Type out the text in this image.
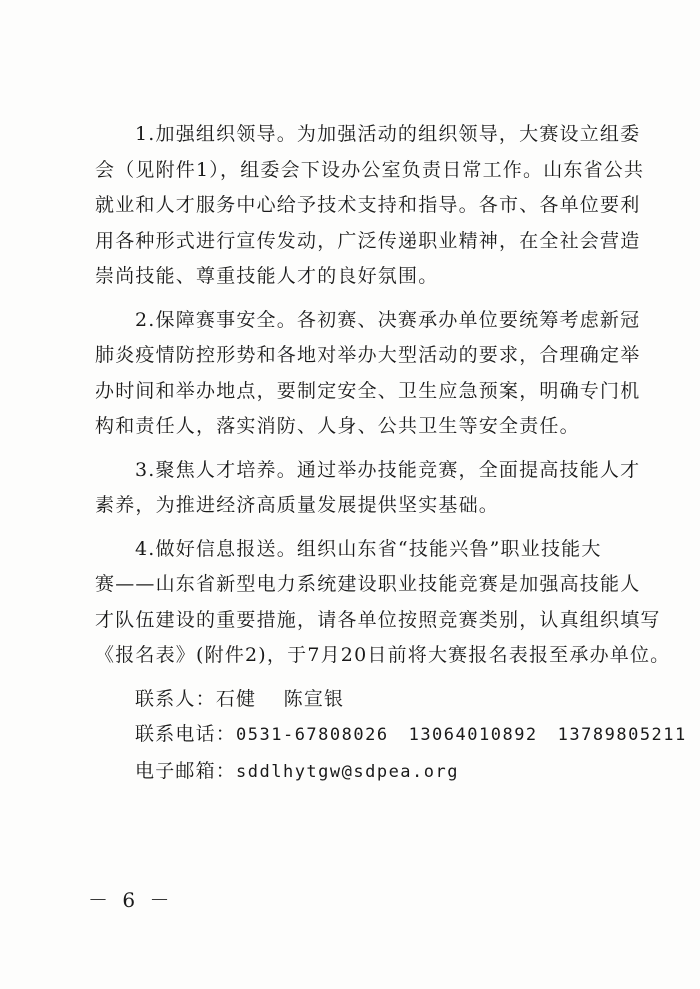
1.加强组织领导。为加强活动的组织领导，大赛设立组委
会（见附件1），组委会下设办公室负责日常工作。山东省公共
就业和人才服务中心给予技术支持和指导。各市、各单位要利
用各种形式进行宣传发动，广泛传递职业精神，在全社会营造
崇尚技能、尊重技能人才的良好氛围。

2.保障赛事安全。各初赛、决赛承办单位要统筹考虑新冠
肺炎疫情防控形势和各地对举办大型活动的要求，合理确定举
办时间和举办地点，要制定安全、卫生应急预案，明确专门机
构和责任人，落实消防、人身、公共卫生等安全责任。

3.聚焦人才培养。通过举办技能竞赛，全面提高技能人才
素养，为推进经济高质量发展提供坚实基础。

4.做好信息报送。组织山东省“技能兴鲁”职业技能大
赛——山东省新型电力系统建设职业技能竞赛是加强高技能人
才队伍建设的重要措施，请各单位按照竞赛类别，认真组织填写
《报名表》(附件2)，于7月20日前将大赛报名表报至承办单位。

联系人：石健　 陈宣银
联系电话：0531-67808026 13064010892 13789805211
电子邮箱：sddlhytgw@sdpea.org
－ 6 －
